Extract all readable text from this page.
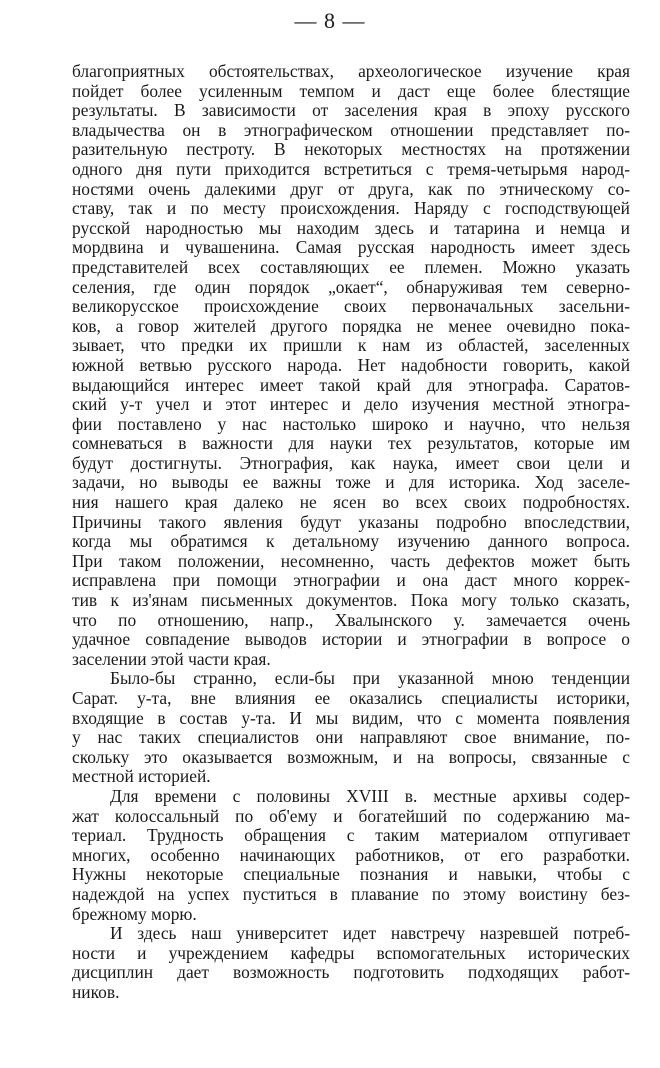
— 8 —
благоприятных обстоятельствах, археологическое изучение края
пойдет более усиленным темпом и даст еще более блестящие
результаты. В зависимости от заселения края в эпоху русского
владычества он в этнографическом отношении представляет по-
разительную пестроту. В некоторых местностях на протяжении
одного дня пути приходится встретиться с тремя-четырьмя народ-
ностями очень далекими друг от друга, как по этническому со-
ставу, так и по месту происхождения. Наряду с господствующей
русской народностью мы находим здесь и татарина и немца и
мордвина и чувашенина. Самая русская народность имеет здесь
представителей всех составляющих ее племен. Можно указать
селения, где один порядок „окает“, обнаруживая тем северно-
великорусское происхождение своих первоначальных засельни-
ков, а говор жителей другого порядка не менее очевидно пока-
зывает, что предки их пришли к нам из областей, заселенных
южной ветвью русского народа. Нет надобности говорить, какой
выдающийся интерес имеет такой край для этнографа. Саратов-
ский у-т учел и этот интерес и дело изучения местной этногра-
фии поставлено у нас настолько широко и научно, что нельзя
сомневаться в важности для науки тех результатов, которые им
будут достигнуты. Этнография, как наука, имеет свои цели и
задачи, но выводы ее важны тоже и для историка. Ход заселе-
ния нашего края далеко не ясен во всех своих подробностях.
Причины такого явления будут указаны подробно впоследствии,
когда мы обратимся к детальному изучению данного вопроса.
При таком положении, несомненно, часть дефектов может быть
исправлена при помощи этнографии и она даст много коррек-
тив к из'янам письменных документов. Пока могу только сказать,
что по отношению, напр., Хвалынского у. замечается очень
удачное совпадение выводов истории и этнографии в вопросе о
заселении этой части края.
Было-бы странно, если-бы при указанной мною тенденции
Сарат. у-та, вне влияния ее оказались специалисты историки,
входящие в состав у-та. И мы видим, что с момента появления
у нас таких специалистов они направляют свое внимание, по-
скольку это оказывается возможным, и на вопросы, связанные с
местной историей.
Для времени с половины XVIII в. местные архивы содер-
жат колоссальный по об'ему и богатейший по содержанию ма-
териал. Трудность обращения с таким материалом отпугивает
многих, особенно начинающих работников, от его разработки.
Нужны некоторые специальные познания и навыки, чтобы с
надеждой на успех пуститься в плавание по этому воистину без-
брежному морю.
И здесь наш университет идет навстречу назревшей потреб-
ности и учреждением кафедры вспомогательных исторических
дисциплин дает возможность подготовить подходящих работ-
ников.
